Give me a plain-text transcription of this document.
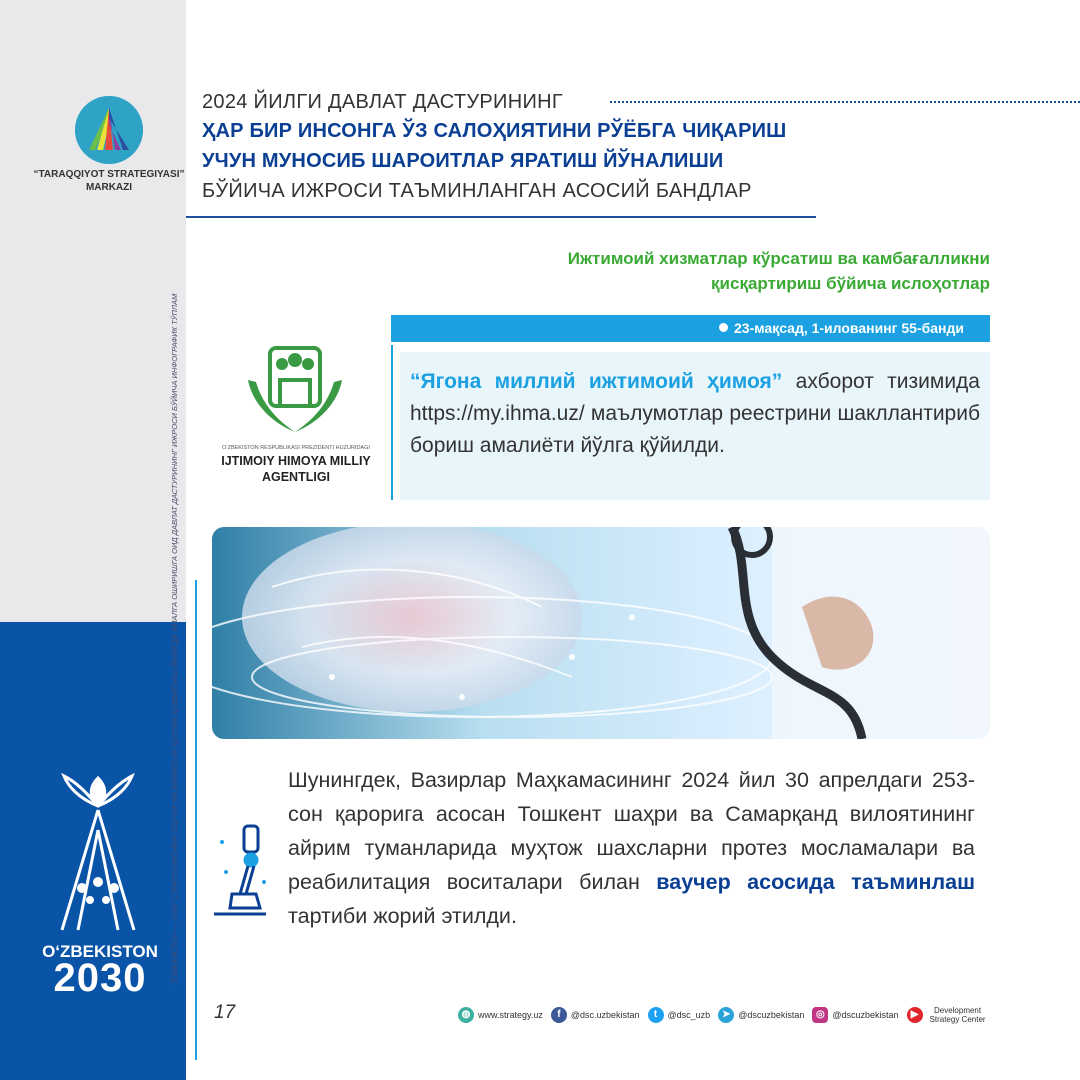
“TARAQQIYOT STRATEGIYASI”
MARKAZI
“ЎЗБЕКИСТОН — 2030” СТРАТЕГИЯСИНИ “ЁШЛАР ВА БИЗНЕСНИ ҚЎЛЛАБ-ҚУВВАТЛАШ ЙИЛИ”ДА АМАЛГА ОШИРИШГА ОИД ДАВЛАТ ДАСТУРИНИНГ ИЖРОСИ БЎЙИЧА ИНФОГРАФИК ТЎПЛАМ
O‘ZBEKISTON
2030
2024 ЙИЛГИ ДАВЛАТ ДАСТУРИНИНГ
ҲАР БИР ИНСОНГА ЎЗ САЛОҲИЯТИНИ РЎЁБГА ЧИҚАРИШ
УЧУН МУНОСИБ ШАРОИТЛАР ЯРАТИШ ЙЎНАЛИШИ
БЎЙИЧА ИЖРОСИ ТАЪМИНЛАНГАН АСОСИЙ БАНДЛАР
Ижтимоий хизматлар кўрсатиш ва камбағалликни
қисқартириш бўйича ислоҳотлар
23-мақсад, 1-илованинг 55-банди
O‘ZBEKISTON RESPUBLIKASI PREZIDENTI HUZURIDAGI
IJTIMOIY HIMOYA MILLIY
AGENTLIGI
“Ягона миллий ижтимоий ҳимоя” ахборот тизимида https://my.ihma.uz/ маълумотлар реестрини шакллантириб бориш амалиёти йўлга қўйилди.
Шунингдек, Вазирлар Маҳкамасининг 2024 йил 30 апрелдаги 253-сон қарорига асосан Тошкент шаҳри ва Самарқанд вилоятининг айрим туманларида муҳтож шахсларни протез мосламалари ва реабилитация воситалари билан ваучер асосида таъминлаш тартиби жорий этилди.
17	◍ www.strategy.uz	f	@dsc.uzbekistan	t	@dsc_uzb	➤ @dscuzbekistan	◎ @dscuzbekistan	▶	Development
Strategy Center
